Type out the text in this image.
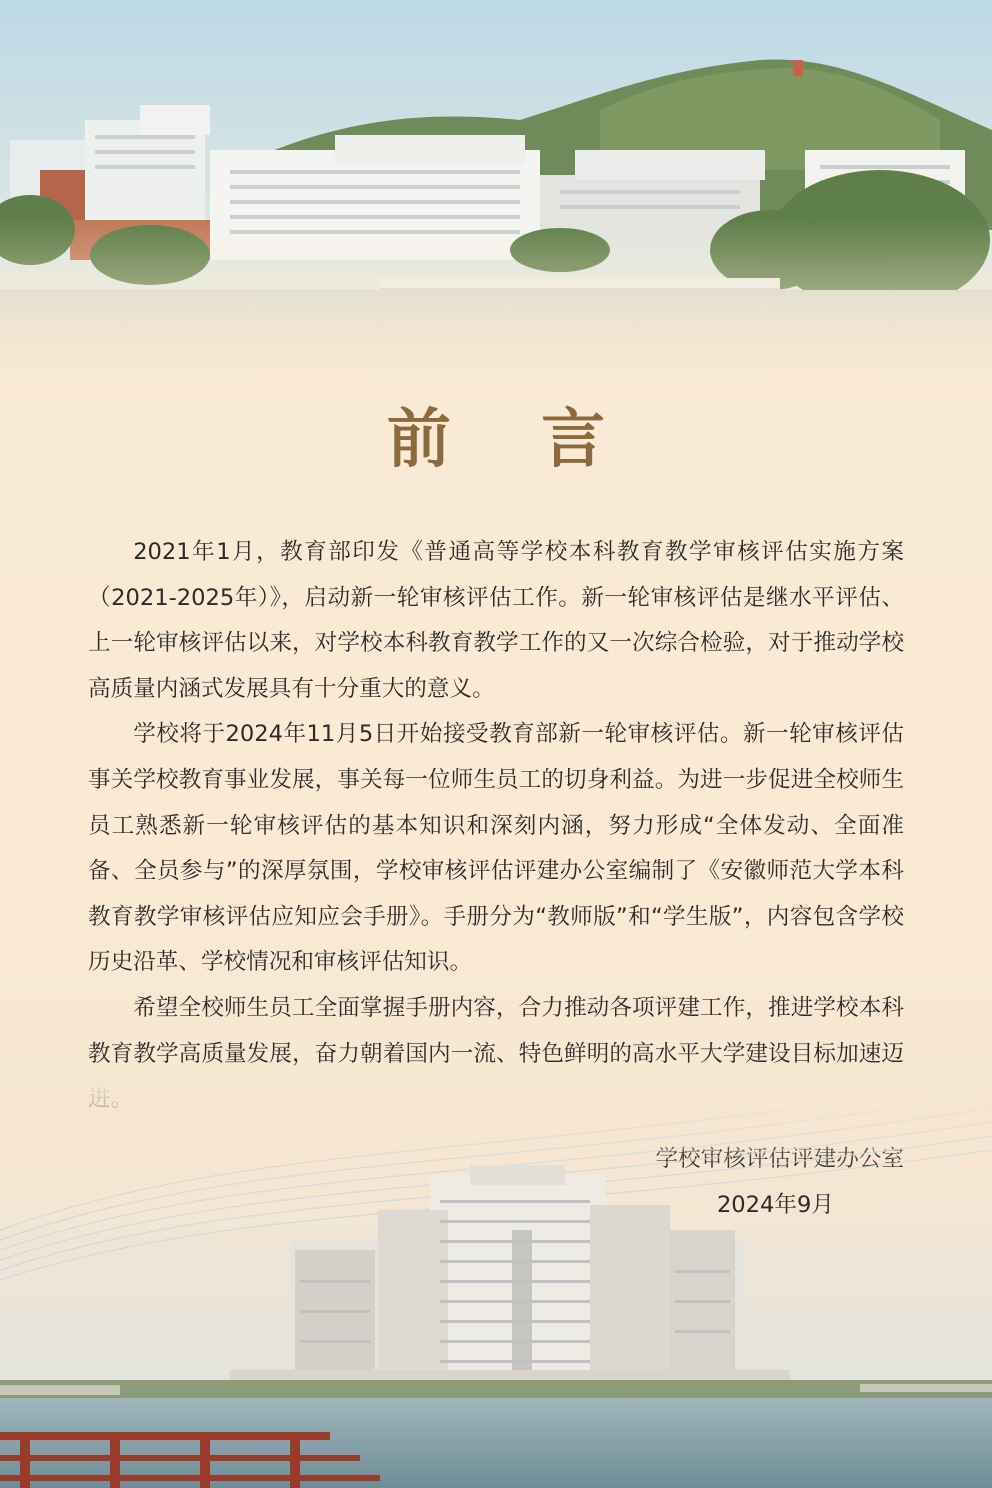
前 言

2021年1月，教育部印发《普通高等学校本科教育教学审核评估实施方案（2021-2025年）》，启动新一轮审核评估工作。新一轮审核评估是继水平评估、上一轮审核评估以来，对学校本科教育教学工作的又一次综合检验，对于推动学校高质量内涵式发展具有十分重大的意义。

学校将于2024年11月5日开始接受教育部新一轮审核评估。新一轮审核评估事关学校教育事业发展，事关每一位师生员工的切身利益。为进一步促进全校师生员工熟悉新一轮审核评估的基本知识和深刻内涵，努力形成“全体发动、全面准备、全员参与”的深厚氛围，学校审核评估评建办公室编制了《安徽师范大学本科教育教学审核评估应知应会手册》。手册分为“教师版”和“学生版”，内容包含学校历史沿革、学校情况和审核评估知识。

希望全校师生员工全面掌握手册内容，合力推动各项评建工作，推进学校本科教育教学高质量发展，奋力朝着国内一流、特色鲜明的高水平大学建设目标加速迈
